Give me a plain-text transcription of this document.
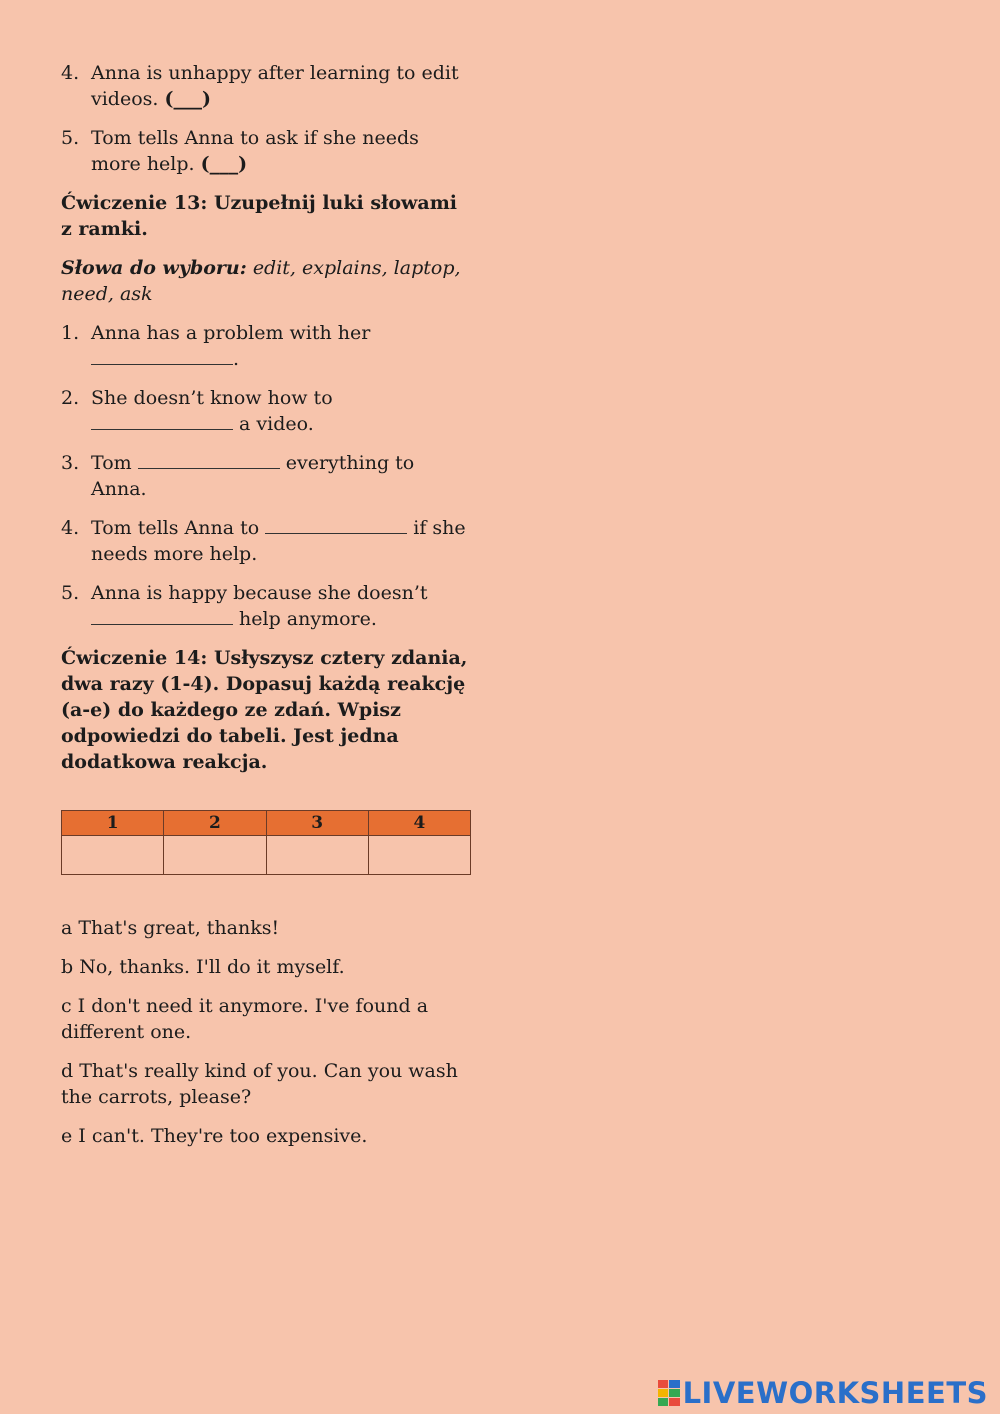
4. Anna is unhappy after learning to edit videos. (___)
5. Tom tells Anna to ask if she needs more help. (___)
Ćwiczenie 13: Uzupełnij luki słowami z ramki.
Słowa do wyboru: edit, explains, laptop, need, ask
1. Anna has a problem with her .
2. She doesn’t know how to  a video.
3. Tom	everything to Anna.
4. Tom tells Anna to	if she needs more help.
5. Anna is happy because she doesn’t  help anymore.
Ćwiczenie 14: Usłyszysz cztery zdania, dwa razy (1-4). Dopasuj każdą reakcję (a-e) do każdego ze zdań. Wpisz odpowiedzi do tabeli. Jest jedna dodatkowa reakcja.
1	2	3	4

a That's great, thanks!
b No, thanks. I'll do it myself.
c I don't need it anymore. I've found a different one.
d That's really kind of you. Can you wash the carrots, please?
e I can't. They're too expensive.
LIVEWORKSHEETS
